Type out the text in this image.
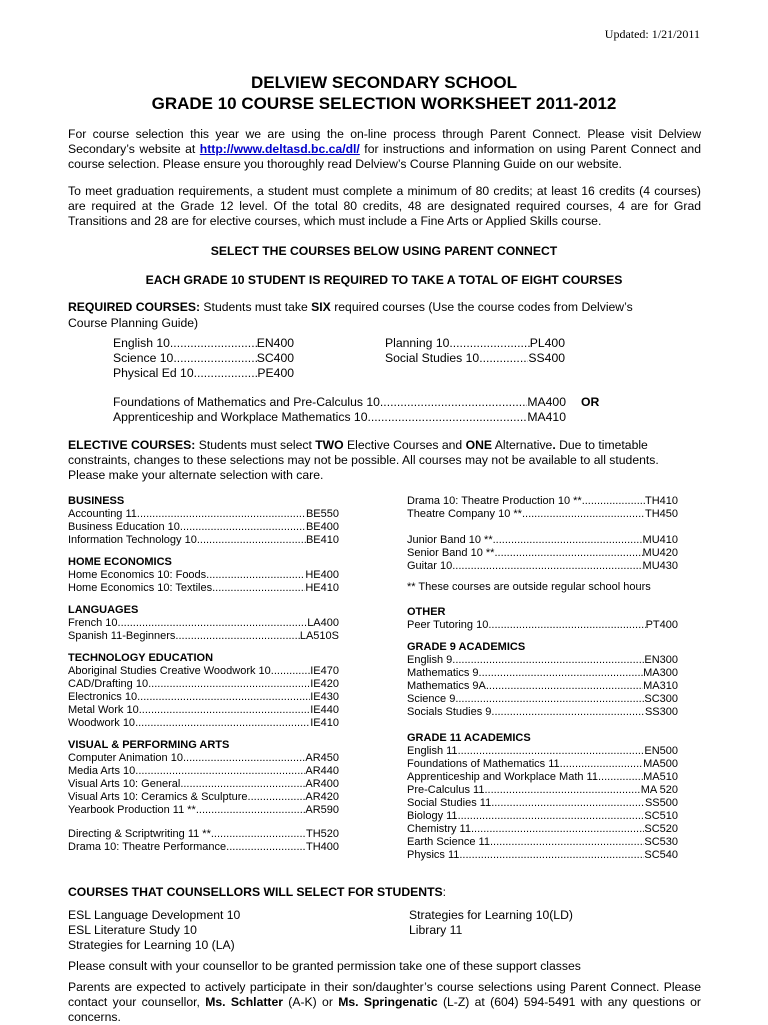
Updated: 1/21/2011
DELVIEW SECONDARY SCHOOL
GRADE 10 COURSE SELECTION WORKSHEET 2011-2012
For course selection this year we are using the on-line process through Parent Connect. Please visit Delview Secondary’s website at http://www.deltasd.bc.ca/dl/ for instructions and information on using Parent Connect and course selection. Please ensure you thoroughly read Delview’s Course Planning Guide on our website.
To meet graduation requirements, a student must complete a minimum of 80 credits; at least 16 credits (4 courses) are required at the Grade 12 level. Of the total 80 credits, 48 are designated required courses, 4 are for Grad Transitions and 28 are for elective courses, which must include a Fine Arts or Applied Skills course.
SELECT THE COURSES BELOW USING PARENT CONNECT
EACH GRADE 10 STUDENT IS REQUIRED TO TAKE A TOTAL OF EIGHT COURSES
REQUIRED COURSES: Students must take SIX required courses (Use the course codes from Delview’s
Course Planning Guide)
English 10 .....	EN400
Science 10 .....	SC400
Physical Ed 10 .....	PE400
Planning 10 .....	PL400
Social Studies 10 .....	SS400
Foundations of Mathematics and Pre-Calculus 10 .....	MA400
Apprenticeship and Workplace Mathematics 10 .....	MA410
OR
ELECTIVE COURSES: Students must select TWO Elective Courses and ONE Alternative. Due to timetable
constraints, changes to these selections may not be possible. All courses may not be available to all students.
Please make your alternate selection with care.
BUSINESS
Accounting 11 .....	BE550
Business Education 10 .....	BE400
Information Technology 10 .....	BE410
HOME ECONOMICS
Home Economics 10: Foods .....	HE400
Home Economics 10: Textiles .....	HE410
LANGUAGES
French 10 .....	LA400
Spanish 11-Beginners .....	LA510S
TECHNOLOGY EDUCATION
Aboriginal Studies Creative Woodwork 10 .....	IE470
CAD/Drafting 10 .....	IE420
Electronics 10 .....	IE430
Metal Work 10 .....	IE440
Woodwork 10 .....	IE410
VISUAL & PERFORMING ARTS
Computer Animation 10 .....	AR450
Media Arts 10 .....	AR440
Visual Arts 10: General .....	AR400
Visual Arts 10: Ceramics & Sculpture .....	AR420
Yearbook Production 11 ** .....	AR590
Directing & Scriptwriting 11 ** .....	TH520
Drama 10: Theatre Performance .....	TH400
Drama 10: Theatre Production 10 ** .....	TH410
Theatre Company 10 ** .....	TH450
Junior Band 10 ** .....	MU410
Senior Band 10 ** .....	MU420
Guitar 10 .....	MU430
** These courses are outside regular school hours
OTHER
Peer Tutoring 10 .....	PT400
GRADE 9 ACADEMICS
English 9 .....	EN300
Mathematics 9 .....	MA300
Mathematics 9A .....	MA310
Science 9 .....	SC300
Socials Studies 9 .....	SS300
GRADE 11 ACADEMICS
English 11 .....	EN500
Foundations of Mathematics 11 .....	MA500
Apprenticeship and Workplace Math 11 .....	MA510
Pre-Calculus 11 .....	MA 520
Social Studies 11 .....	SS500
Biology 11 .....	SC510
Chemistry 11 .....	SC520
Earth Science 11 .....	SC530
Physics 11 .....	SC540
COURSES THAT COUNSELLORS WILL SELECT FOR STUDENTS:
ESL Language Development 10
ESL Literature Study 10
Strategies for Learning 10 (LA)
Strategies for Learning 10(LD)
Library 11
Please consult with your counsellor to be granted permission take one of these support classes
Parents are expected to actively participate in their son/daughter’s course selections using Parent Connect. Please contact your counsellor, Ms. Schlatter (A-K) or Ms. Springenatic (L-Z) at (604) 594-5491 with any questions or concerns.
